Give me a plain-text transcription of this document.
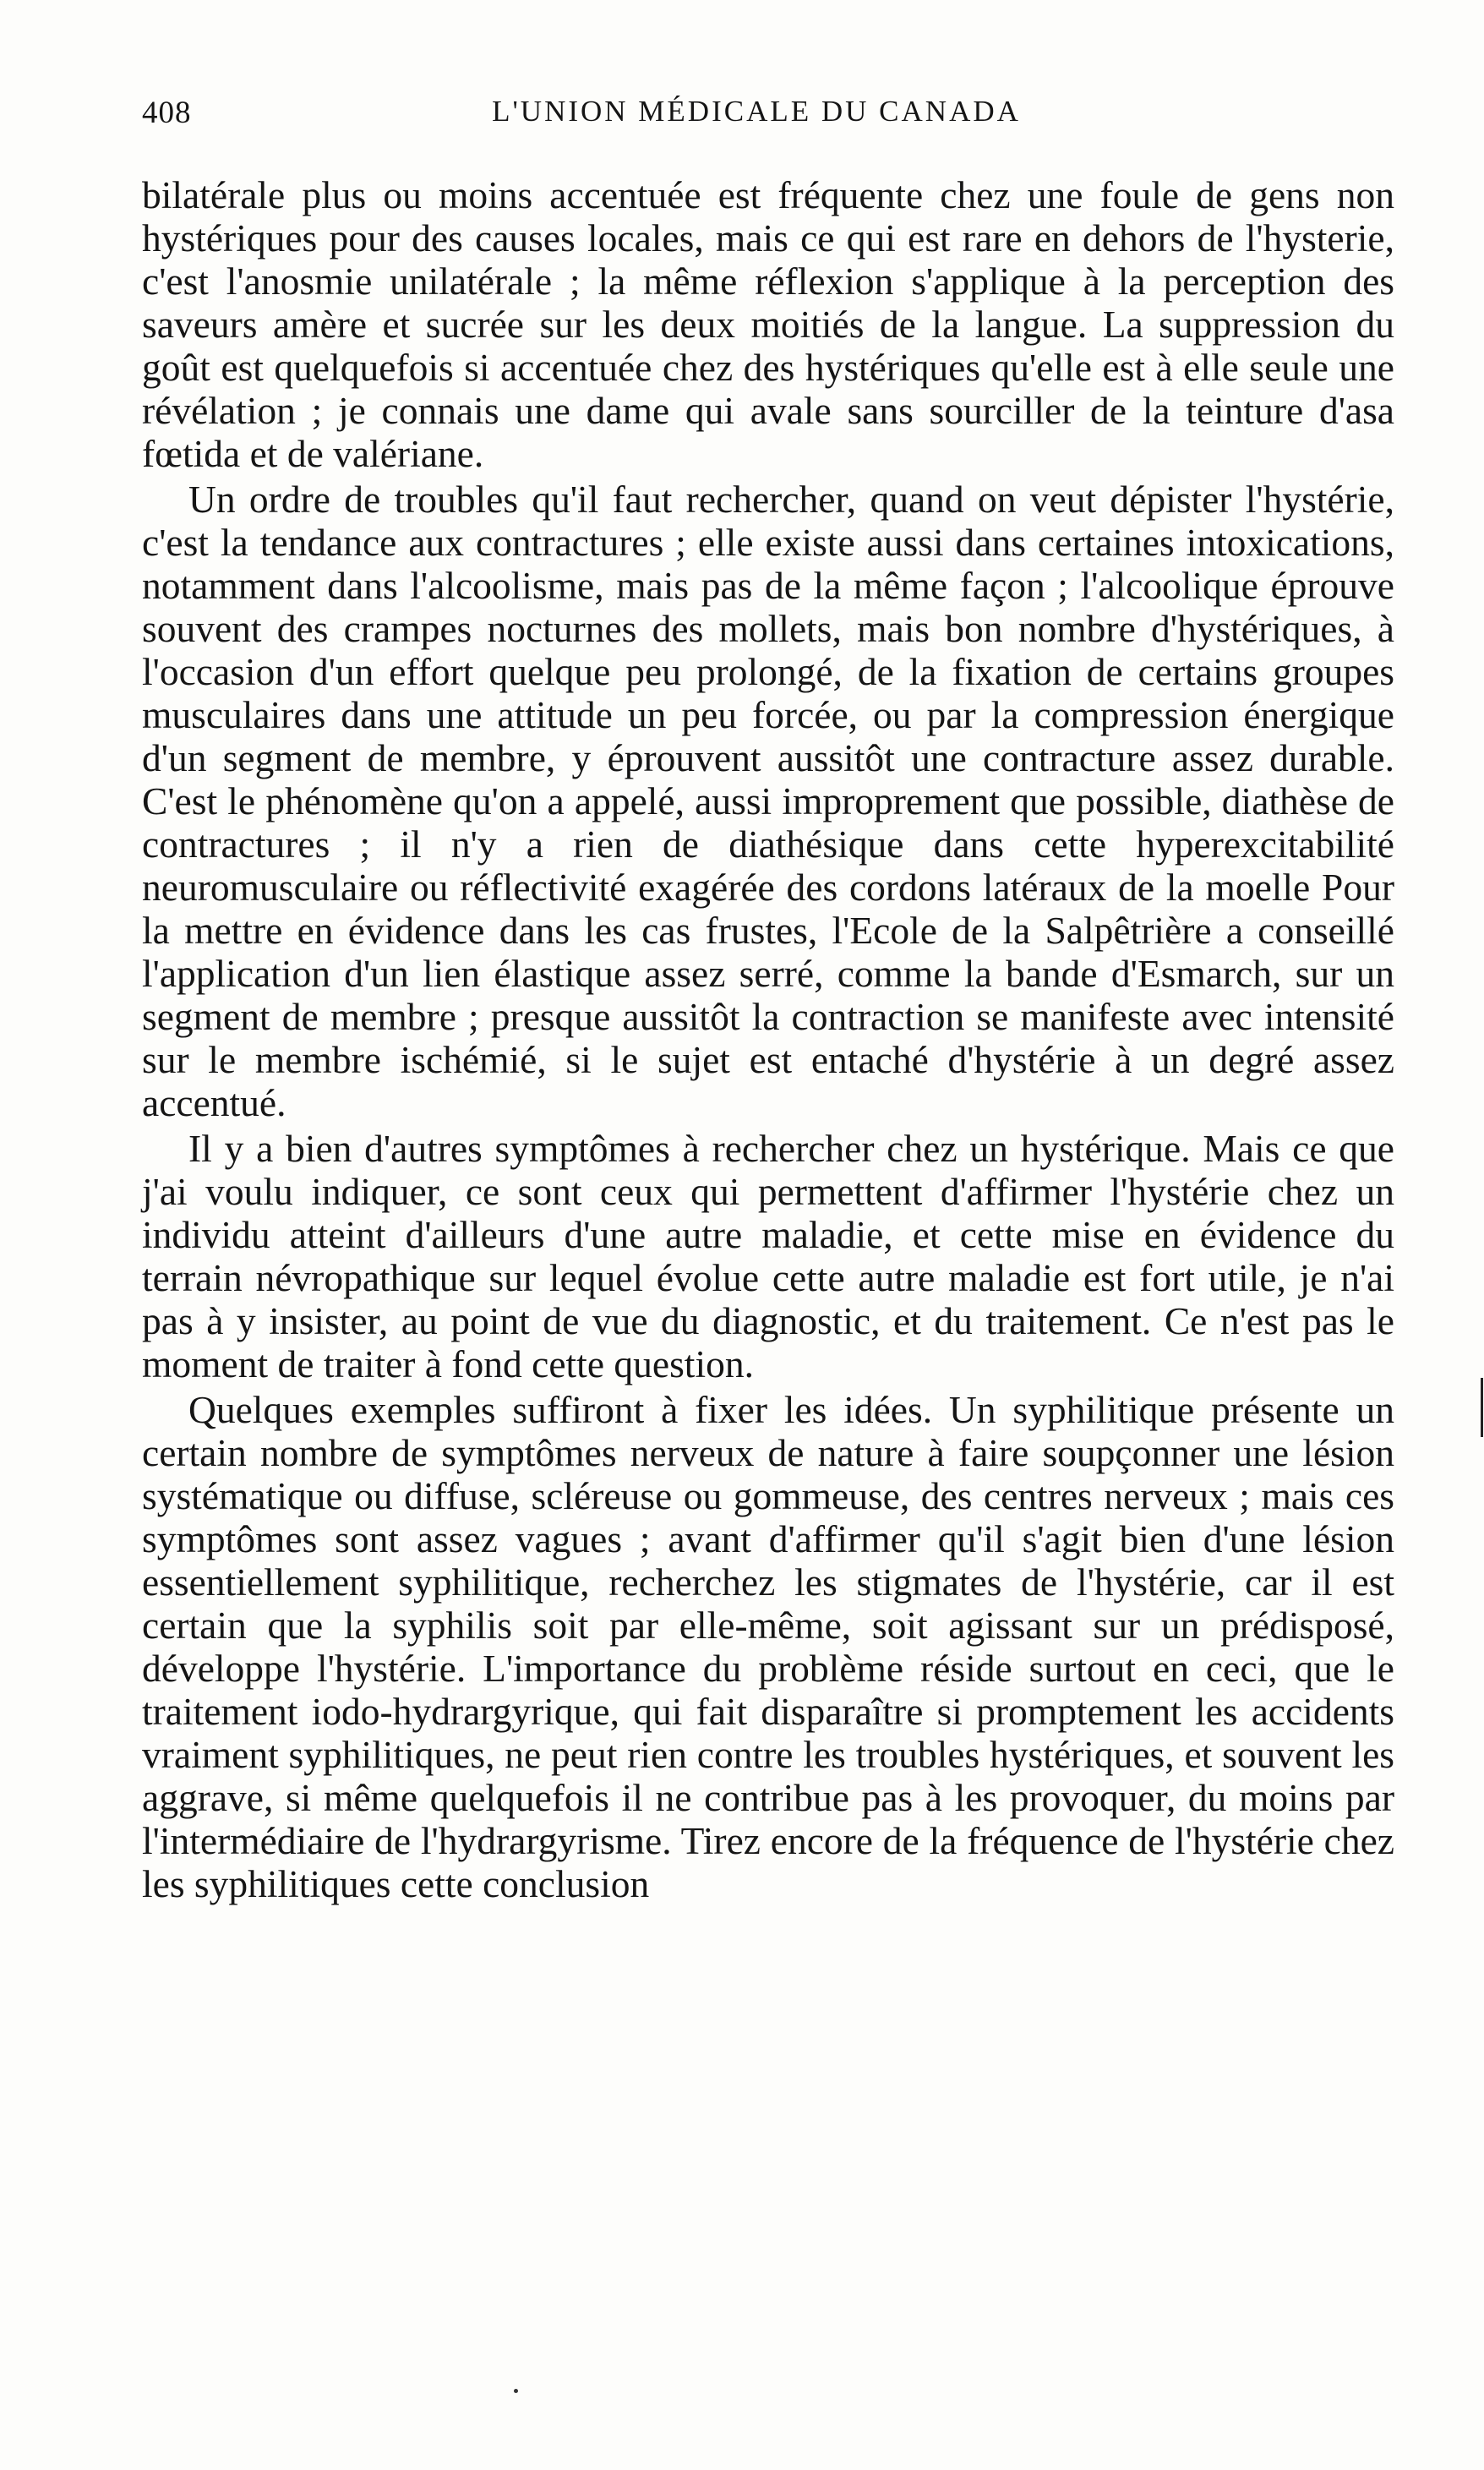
408	L'UNION MÉDICALE DU CANADA

bilatérale plus ou moins accentuée est fréquente chez une foule de gens non hystériques pour des causes locales, mais ce qui est rare en dehors de l'hysterie, c'est l'anosmie unilatérale ; la même réflexion s'applique à la perception des saveurs amère et sucrée sur les deux moitiés de la langue. La suppression du goût est quelquefois si accentuée chez des hystériques qu'elle est à elle seule une révélation ; je connais une dame qui avale sans sourciller de la teinture d'asa fœtida et de valériane.

Un ordre de troubles qu'il faut rechercher, quand on veut dépister l'hystérie, c'est la tendance aux contractures ; elle existe aussi dans certaines intoxications, notamment dans l'alcoolisme, mais pas de la même façon ; l'alcoolique éprouve souvent des crampes nocturnes des mollets, mais bon nombre d'hystériques, à l'occasion d'un effort quelque peu prolongé, de la fixation de certains groupes musculaires dans une attitude un peu forcée, ou par la compression énergique d'un segment de membre, y éprouvent aussitôt une contracture assez durable. C'est le phénomène qu'on a appelé, aussi improprement que possible, diathèse de contractures ; il n'y a rien de diathésique dans cette hyperexcitabilité neuromusculaire ou réflectivité exagérée des cordons latéraux de la moelle Pour la mettre en évidence dans les cas frustes, l'Ecole de la Salpêtrière a conseillé l'application d'un lien élastique assez serré, comme la bande d'Esmarch, sur un segment de membre ; presque aussitôt la contraction se manifeste avec intensité sur le membre ischémié, si le sujet est entaché d'hystérie à un degré assez accentué.

Il y a bien d'autres symptômes à rechercher chez un hystérique. Mais ce que j'ai voulu indiquer, ce sont ceux qui permettent d'affirmer l'hystérie chez un individu atteint d'ailleurs d'une autre maladie, et cette mise en évidence du terrain névropathique sur lequel évolue cette autre maladie est fort utile, je n'ai pas à y insister, au point de vue du diagnostic, et du traitement. Ce n'est pas le moment de traiter à fond cette question.

Quelques exemples suffiront à fixer les idées. Un syphilitique présente un certain nombre de symptômes nerveux de nature à faire soupçonner une lésion systématique ou diffuse, scléreuse ou gommeuse, des centres nerveux ; mais ces symptômes sont assez vagues ; avant d'affirmer qu'il s'agit bien d'une lésion essentiellement syphilitique, recherchez les stigmates de l'hystérie, car il est certain que la syphilis soit par elle-même, soit agissant sur un prédisposé, développe l'hystérie. L'importance du problème réside surtout en ceci, que le traitement iodo-hydrargyrique, qui fait disparaître si promptement les accidents vraiment syphilitiques, ne peut rien contre les troubles hystériques, et souvent les aggrave, si même quelquefois il ne contribue pas à les provoquer, du moins par l'intermédiaire de l'hydrargyrisme. Tirez encore de la fréquence de l'hystérie chez les syphilitiques cette conclusion
